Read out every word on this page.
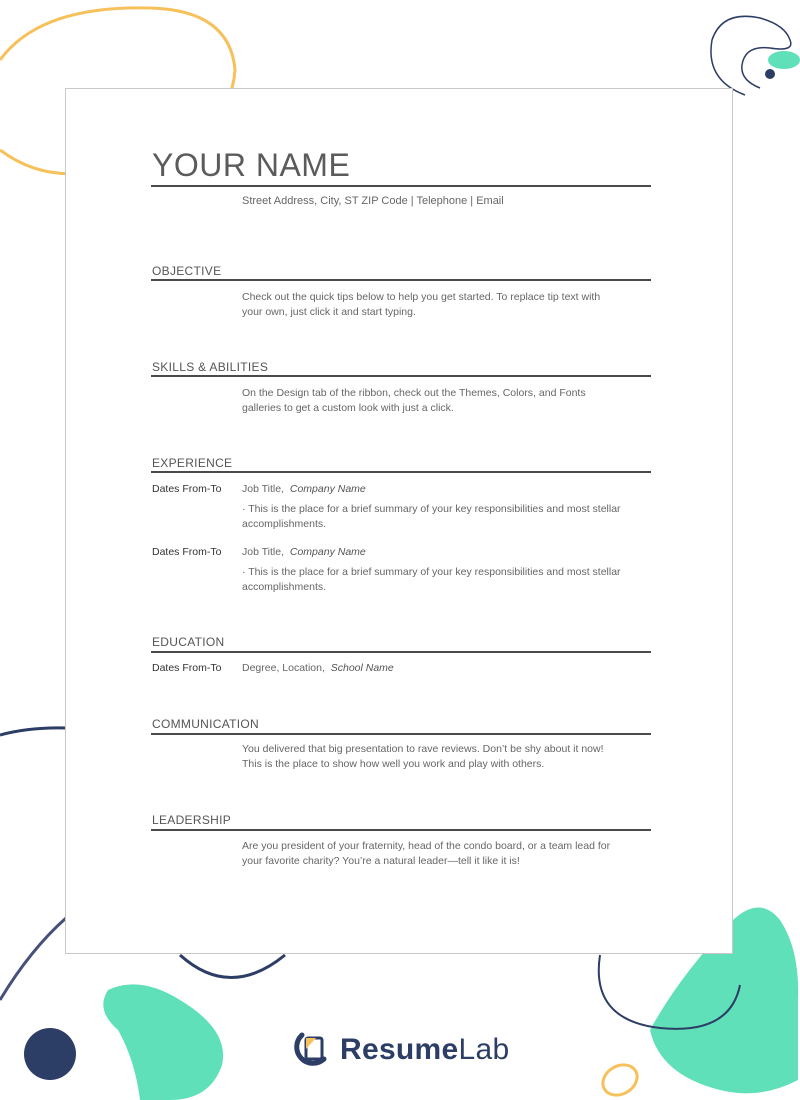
YOUR NAME
Street Address, City, ST ZIP Code | Telephone | Email
OBJECTIVE
Check out the quick tips below to help you get started. To replace tip text with your own, just click it and start typing.
SKILLS & ABILITIES
On the Design tab of the ribbon, check out the Themes, Colors, and Fonts galleries to get a custom look with just a click.
EXPERIENCE
Dates From-To Job Title, Company Name
· This is the place for a brief summary of your key responsibilities and most stellar accomplishments.
Dates From-To Job Title, Company Name
· This is the place for a brief summary of your key responsibilities and most stellar accomplishments.
EDUCATION
Dates From-To Degree, Location, School Name
COMMUNICATION
You delivered that big presentation to rave reviews. Don’t be shy about it now! This is the place to show how well you work and play with others.
LEADERSHIP
Are you president of your fraternity, head of the condo board, or a team lead for your favorite charity? You’re a natural leader—tell it like it is!
ResumeLab
